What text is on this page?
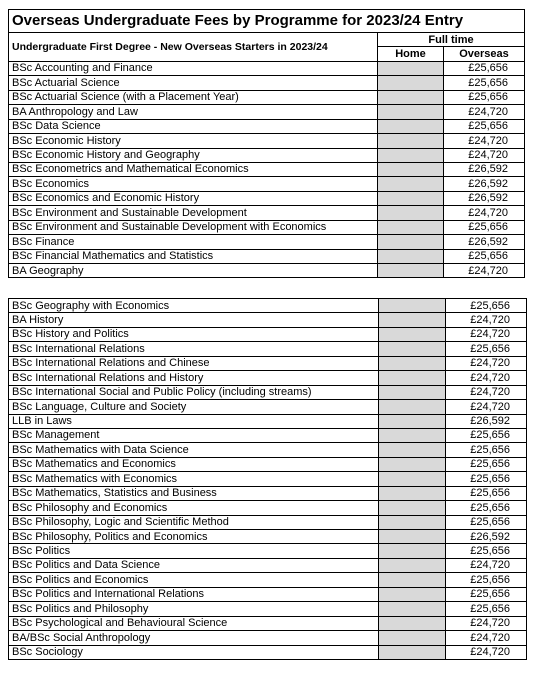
Overseas Undergraduate Fees by Programme for 2023/24 Entry		
Undergraduate First Degree - New Overseas Starters in 2023/24	Full time	
	Home	Overseas
BSc Accounting and Finance		£25,656
BSc Actuarial Science		£25,656
BSc Actuarial Science (with a Placement Year)		£25,656
BA Anthropology and Law		£24,720
BSc Data Science		£25,656
BSc Economic History		£24,720
BSc Economic History and Geography		£24,720
BSc Econometrics and Mathematical Economics		£26,592
BSc Economics		£26,592
BSc Economics and Economic History		£26,592
BSc Environment and Sustainable Development		£24,720
BSc Environment and Sustainable Development with Economics		£25,656
BSc Finance		£26,592
BSc Financial Mathematics and Statistics		£25,656
BA Geography		£24,720
BSc Geography with Economics		£25,656
BA History		£24,720
BSc History and Politics		£24,720
BSc International Relations		£25,656
BSc International Relations and Chinese		£24,720
BSc International Relations and History		£24,720
BSc International Social and Public Policy (including streams)		£24,720
BSc Language, Culture and Society		£24,720
LLB in Laws		£26,592
BSc Management		£25,656
BSc Mathematics with Data Science		£25,656
BSc Mathematics and Economics		£25,656
BSc Mathematics with Economics		£25,656
BSc Mathematics, Statistics and Business		£25,656
BSc Philosophy and Economics		£25,656
BSc Philosophy, Logic and Scientific Method		£25,656
BSc Philosophy, Politics and Economics		£26,592
BSc Politics		£25,656
BSc Politics and Data Science		£24,720
BSc Politics and Economics		£25,656
BSc Politics and International Relations		£25,656
BSc Politics and Philosophy		£25,656
BSc Psychological and Behavioural Science		£24,720
BA/BSc Social Anthropology		£24,720
BSc Sociology		£24,720
